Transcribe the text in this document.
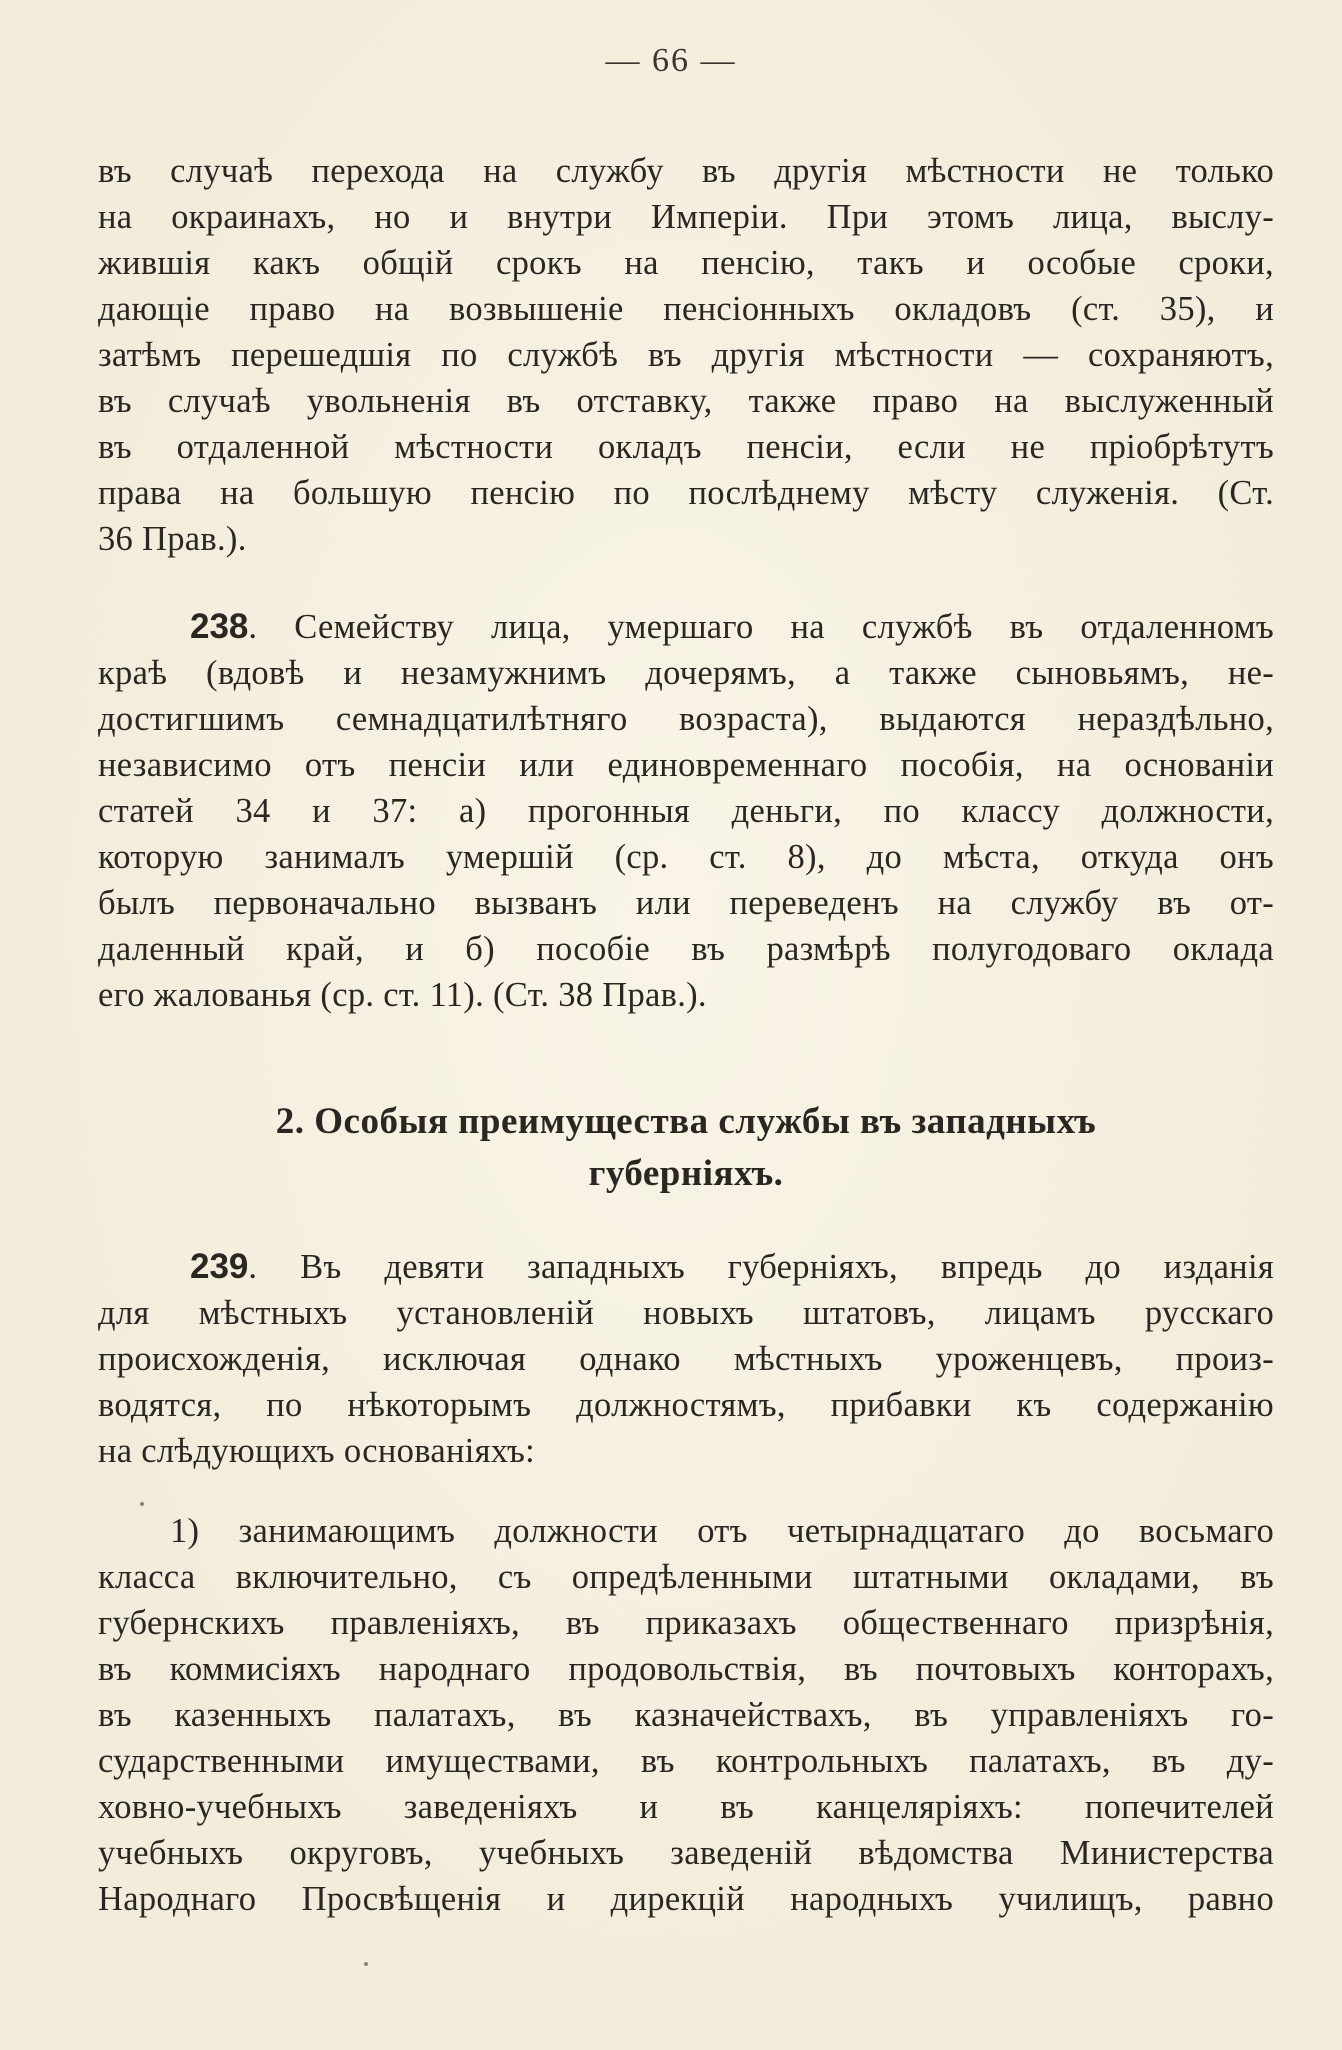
— 66 —
въ случаѣ перехода на службу въ другія мѣстности не только
на окраинахъ, но и внутри Имперіи. При этомъ лица, выслу-
жившія какъ общій срокъ на пенсію, такъ и особые сроки,
дающіе право на возвышеніе пенсіонныхъ окладовъ (ст. 35), и
затѣмъ перешедшія по службѣ въ другія мѣстности — сохраняютъ,
въ случаѣ увольненія въ отставку, также право на выслуженный
въ отдаленной мѣстности окладъ пенсіи, если не пріобрѣтутъ
права на большую пенсію по послѣднему мѣсту служенія. (Ст.
36 Прав.).
238. Семейству лица, умершаго на службѣ въ отдаленномъ
краѣ (вдовѣ и незамужнимъ дочерямъ, а также сыновьямъ, не-
достигшимъ семнадцатилѣтняго возраста), выдаются нераздѣльно,
независимо отъ пенсіи или единовременнаго пособія, на основаніи
статей 34 и 37: а) прогонныя деньги, по классу должности,
которую занималъ умершій (ср. ст. 8), до мѣста, откуда онъ
былъ первоначально вызванъ или переведенъ на службу въ от-
даленный край, и б) пособіе въ размѣрѣ полугодоваго оклада
его жалованья (ср. ст. 11). (Ст. 38 Прав.).
2. Особыя преимущества службы въ западныхъ
губерніяхъ.
239. Въ девяти западныхъ губерніяхъ, впредь до изданія
для мѣстныхъ установленій новыхъ штатовъ, лицамъ русскаго
происхожденія, исключая однако мѣстныхъ уроженцевъ, произ-
водятся, по нѣкоторымъ должностямъ, прибавки къ содержанію
на слѣдующихъ основаніяхъ:
1) занимающимъ должности отъ четырнадцатаго до восьмаго
класса включительно, съ опредѣленными штатными окладами, въ
губернскихъ правленіяхъ, въ приказахъ общественнаго призрѣнія,
въ коммисіяхъ народнаго продовольствія, въ почтовыхъ конторахъ,
въ казенныхъ палатахъ, въ казначействахъ, въ управленіяхъ го-
сударственными имуществами, въ контрольныхъ палатахъ, въ ду-
ховно-учебныхъ заведеніяхъ и въ канцеляріяхъ: попечителей
учебныхъ округовъ, учебныхъ заведеній вѣдомства Министерства
Народнаго Просвѣщенія и дирекцій народныхъ училищъ, равно
